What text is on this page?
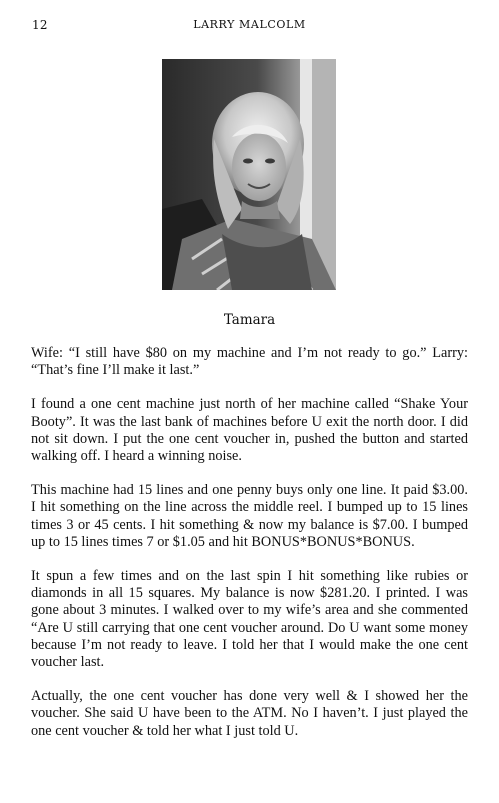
12	LARRY MALCOLM
Tamara

Wife: “I still have $80 on my machine and I’m not ready to go.” Larry: “That’s fine I’ll make it last.”

I found a one cent machine just north of her machine called “Shake Your Booty”. It was the last bank of machines before U exit the north door. I did not sit down. I put the one cent voucher in, pushed the button and started walking off. I heard a winning noise.

This machine had 15 lines and one penny buys only one line. It paid $3.00. I hit something on the line across the middle reel. I bumped up to 15 lines times 3 or 45 cents. I hit something & now my balance is $7.00. I bumped up to 15 lines times 7 or $1.05 and hit BONUS*BONUS*BONUS.

It spun a few times and on the last spin I hit something like rubies or diamonds in all 15 squares. My balance is now $281.20. I printed. I was gone about 3 minutes. I walked over to my wife’s area and she commented “Are U still carrying that one cent voucher around. Do U want some money because I’m not ready to leave. I told her that I would make the one cent voucher last.

Actually, the one cent voucher has done very well & I showed her the voucher. She said U have been to the ATM. No I haven’t. I just played the one cent voucher & told her what I just told U.
